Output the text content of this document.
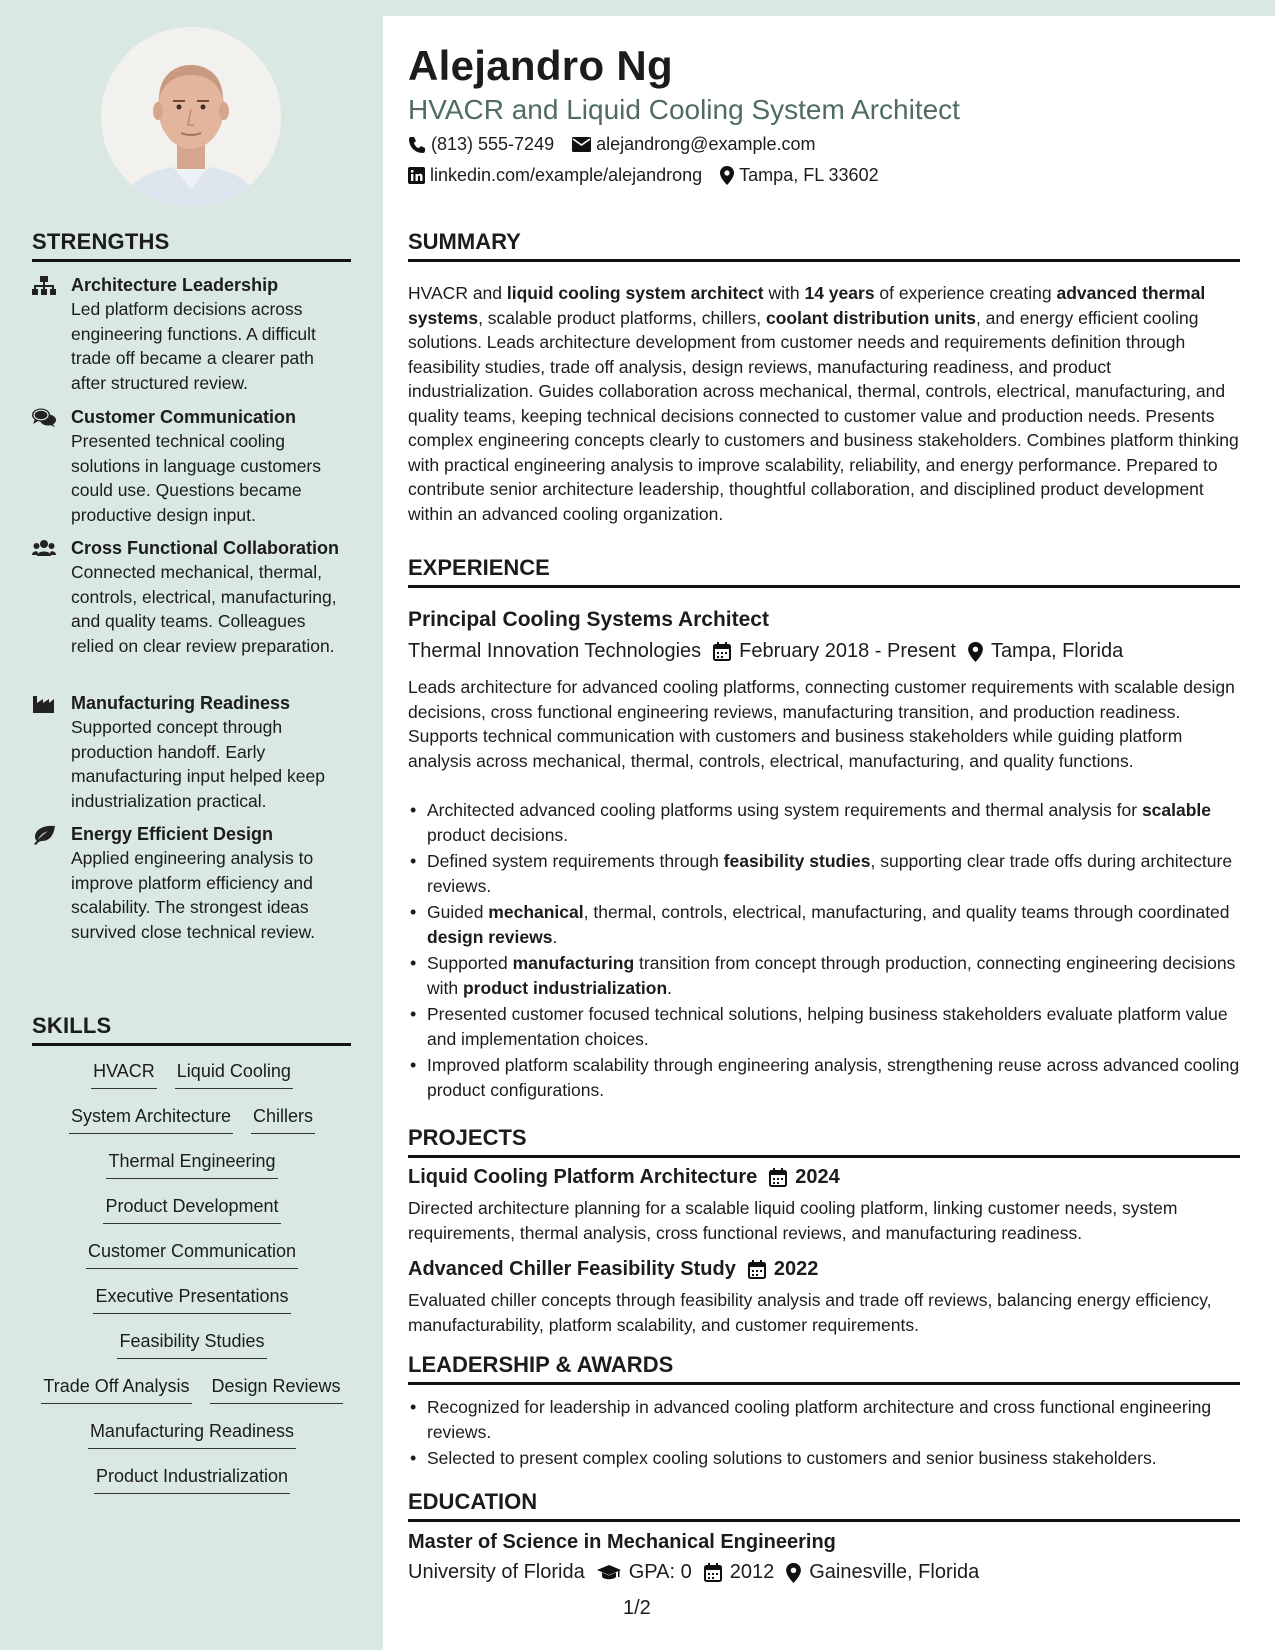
STRENGTHS
Architecture Leadership
Led platform decisions across engineering functions. A difficult trade off became a clearer path after structured review.
Customer Communication
Presented technical cooling solutions in language customers could use. Questions became productive design input.
Cross Functional Collaboration
Connected mechanical, thermal, controls, electrical, manufacturing, and quality teams. Colleagues relied on clear review preparation.
Manufacturing Readiness
Supported concept through production handoff. Early manufacturing input helped keep industrialization practical.
Energy Efficient Design
Applied engineering analysis to improve platform efficiency and scalability. The strongest ideas survived close technical review.
SKILLS
HVACR Liquid Cooling
System Architecture Chillers
Thermal Engineering
Product Development
Customer Communication
Executive Presentations
Feasibility Studies
Trade Off Analysis Design Reviews
Manufacturing Readiness
Product Industrialization
Alejandro Ng
HVACR and Liquid Cooling System Architect
(813) 555-7249 alejandrong@example.com
linkedin.com/example/alejandrong Tampa, FL 33602
SUMMARY
HVACR and liquid cooling system architect with 14 years of experience creating advanced thermal systems, scalable product platforms, chillers, coolant distribution units, and energy efficient cooling solutions. Leads architecture development from customer needs and requirements definition through feasibility studies, trade off analysis, design reviews, manufacturing readiness, and product industrialization. Guides collaboration across mechanical, thermal, controls, electrical, manufacturing, and quality teams, keeping technical decisions connected to customer value and production needs. Presents complex engineering concepts clearly to customers and business stakeholders. Combines platform thinking with practical engineering analysis to improve scalability, reliability, and energy performance. Prepared to contribute senior architecture leadership, thoughtful collaboration, and disciplined product development within an advanced cooling organization.
EXPERIENCE
Principal Cooling Systems Architect
Thermal Innovation Technologies February 2018 - Present Tampa, Florida
Leads architecture for advanced cooling platforms, connecting customer requirements with scalable design decisions, cross functional engineering reviews, manufacturing transition, and production readiness. Supports technical communication with customers and business stakeholders while guiding platform analysis across mechanical, thermal, controls, electrical, manufacturing, and quality functions.
• Architected advanced cooling platforms using system requirements and thermal analysis for scalable product decisions.
• Defined system requirements through feasibility studies, supporting clear trade offs during architecture reviews.
• Guided mechanical, thermal, controls, electrical, manufacturing, and quality teams through coordinated design reviews.
• Supported manufacturing transition from concept through production, connecting engineering decisions with product industrialization.
• Presented customer focused technical solutions, helping business stakeholders evaluate platform value and implementation choices.
• Improved platform scalability through engineering analysis, strengthening reuse across advanced cooling product configurations.
PROJECTS
Liquid Cooling Platform Architecture 2024
Directed architecture planning for a scalable liquid cooling platform, linking customer needs, system requirements, thermal analysis, cross functional reviews, and manufacturing readiness.
Advanced Chiller Feasibility Study 2022
Evaluated chiller concepts through feasibility analysis and trade off reviews, balancing energy efficiency, manufacturability, platform scalability, and customer requirements.
LEADERSHIP & AWARDS
• Recognized for leadership in advanced cooling platform architecture and cross functional engineering reviews.
• Selected to present complex cooling solutions to customers and senior business stakeholders.
EDUCATION
Master of Science in Mechanical Engineering
University of Florida GPA: 0 2012 Gainesville, Florida
1/2
